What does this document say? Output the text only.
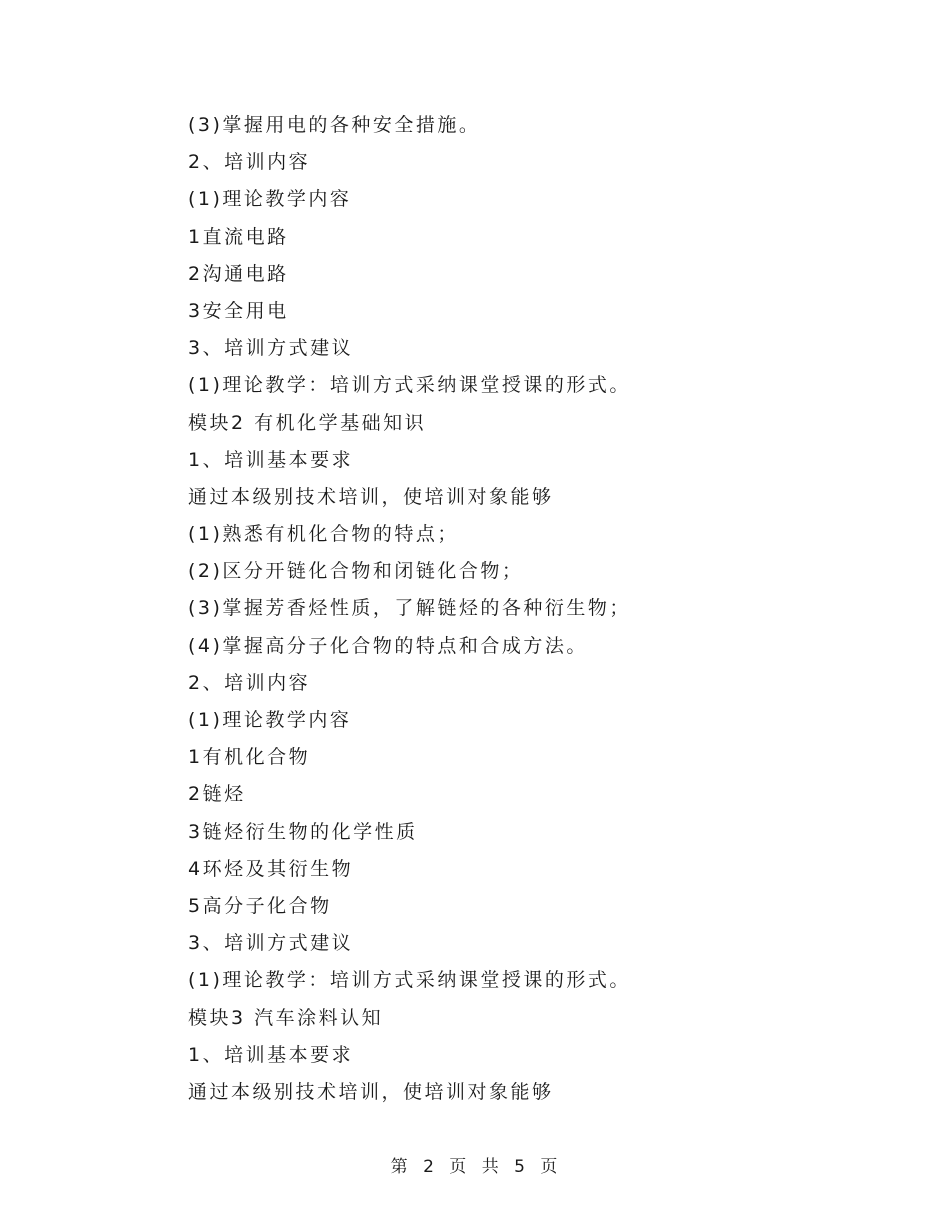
(3)掌握用电的各种安全措施。
2、培训内容
(1)理论教学内容
1直流电路
2沟通电路
3安全用电
3、培训方式建议
(1)理论教学：培训方式采纳课堂授课的形式。
模块2 有机化学基础知识
1、培训基本要求
通过本级别技术培训，使培训对象能够
(1)熟悉有机化合物的特点；
(2)区分开链化合物和闭链化合物；
(3)掌握芳香烃性质，了解链烃的各种衍生物；
(4)掌握高分子化合物的特点和合成方法。
2、培训内容
(1)理论教学内容
1有机化合物
2链烃
3链烃衍生物的化学性质
4环烃及其衍生物
5高分子化合物
3、培训方式建议
(1)理论教学：培训方式采纳课堂授课的形式。
模块3 汽车涂料认知
1、培训基本要求
通过本级别技术培训，使培训对象能够
第 2 页 共 5 页
